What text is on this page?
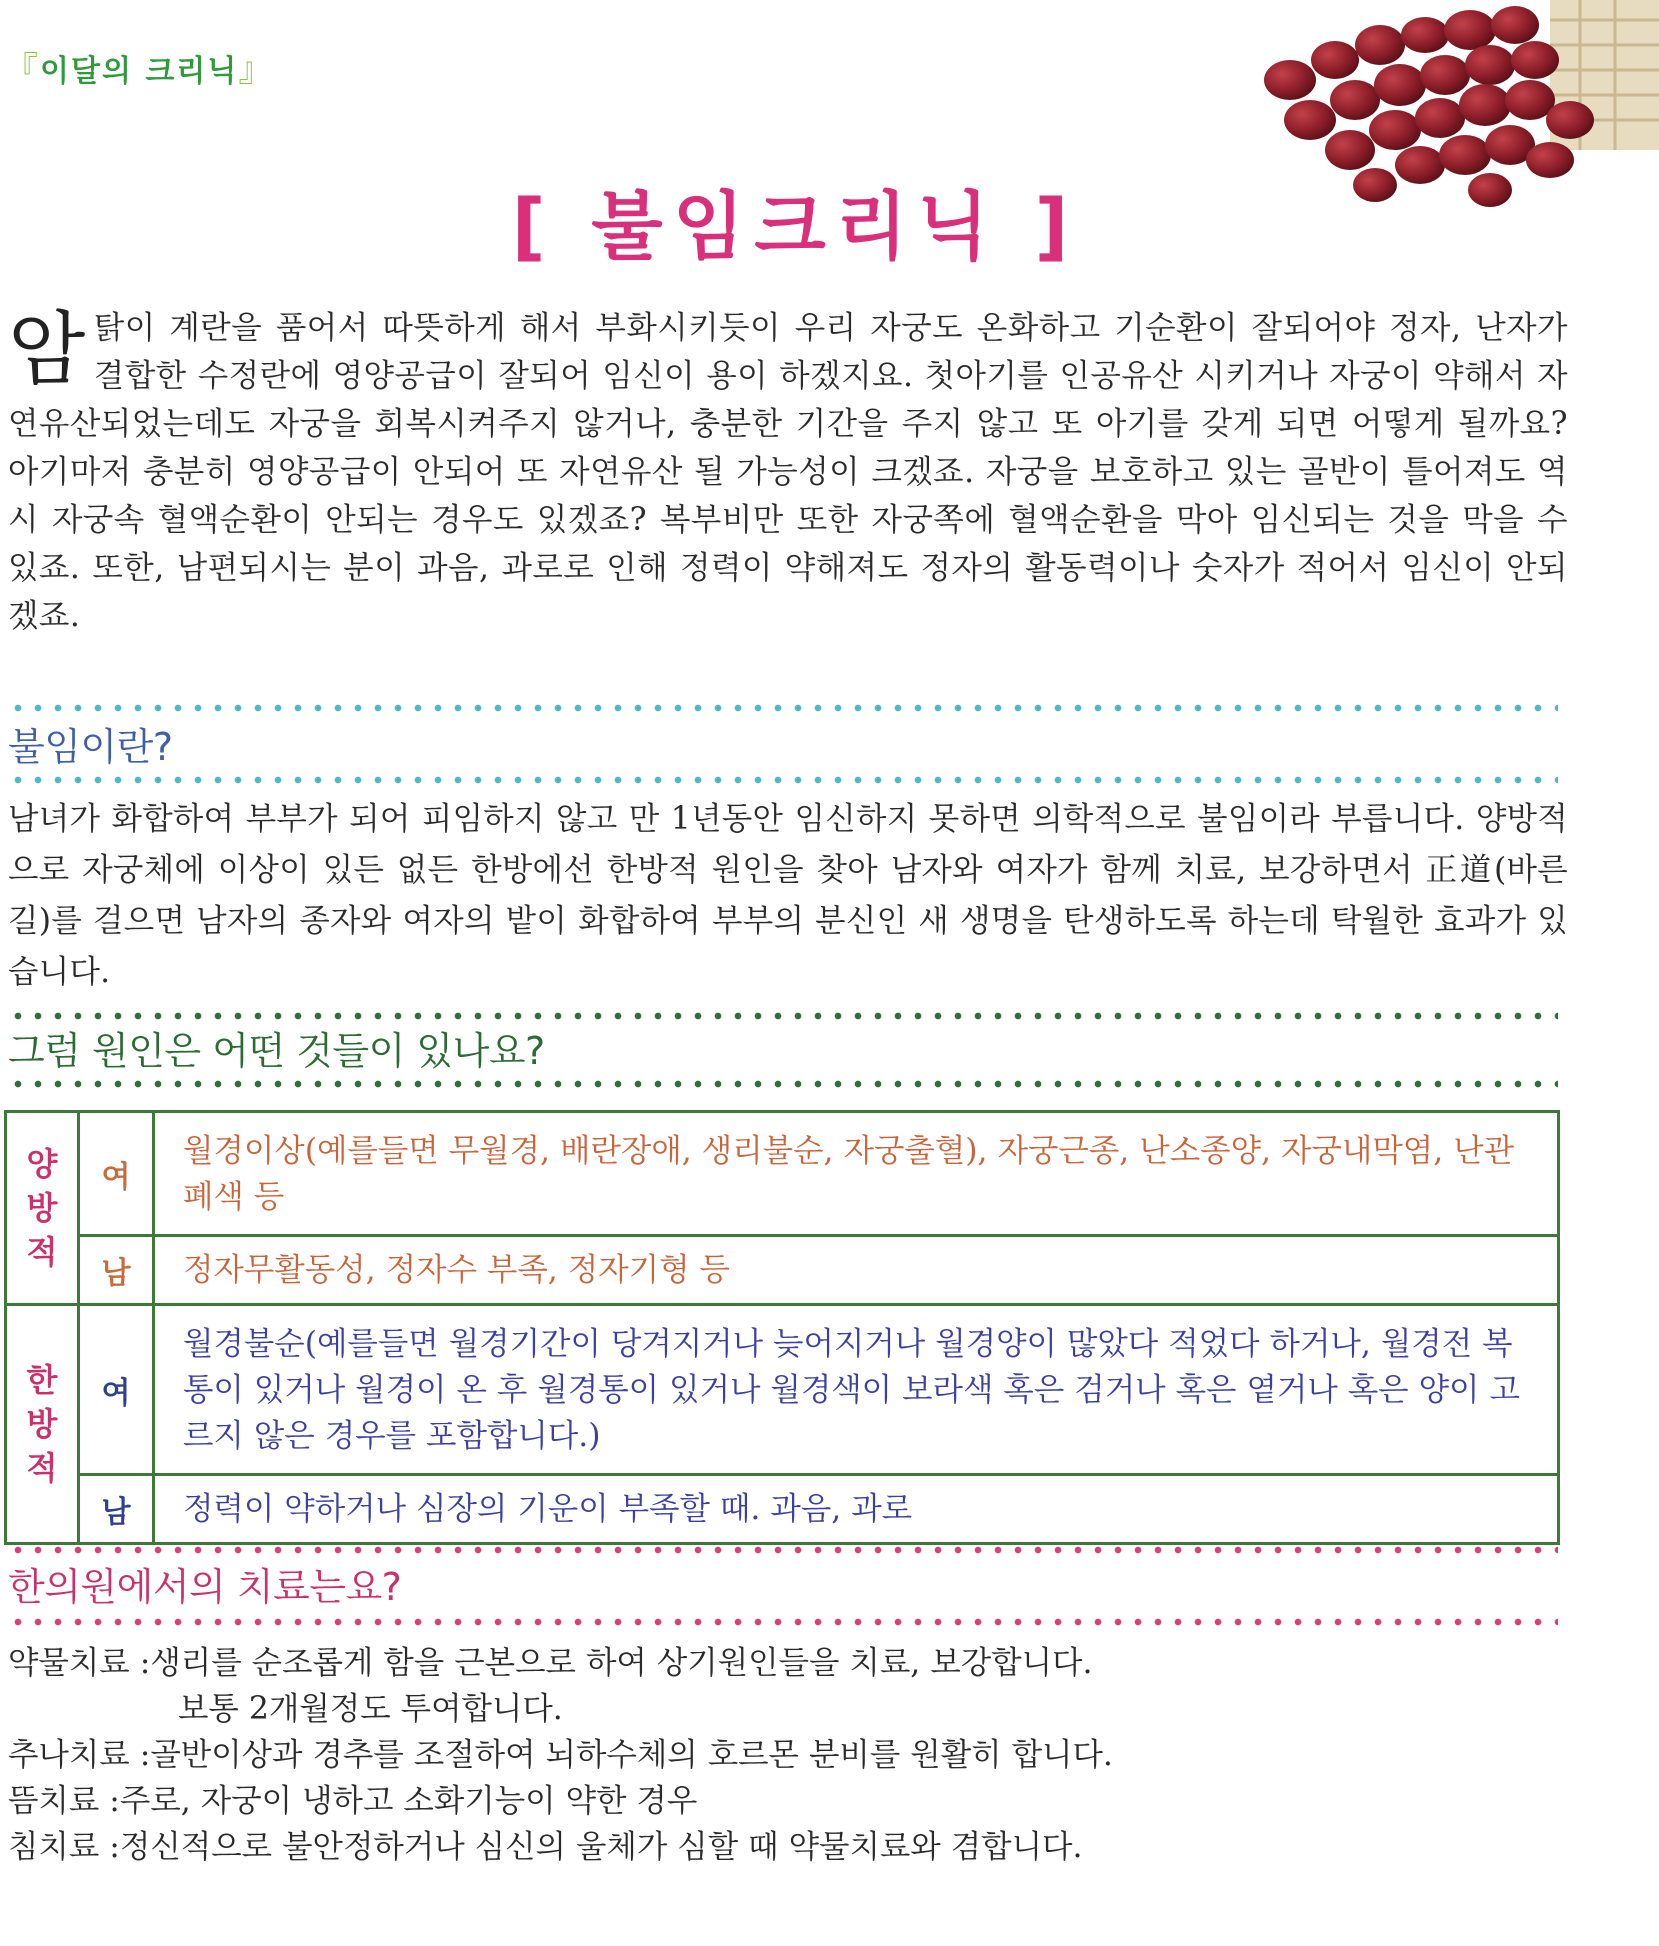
『이달의 크리닉』
[ 불임크리닉 ]
암탉이 계란을 품어서 따뜻하게 해서 부화시키듯이 우리 자궁도 온화하고 기순환이 잘되어야 정자, 난자가 결합한 수정란에 영양공급이 잘되어 임신이 용이 하겠지요. 첫아기를 인공유산 시키거나 자궁이 약해서 자연유산되었는데도 자궁을 회복시켜주지 않거나, 충분한 기간을 주지 않고 또 아기를 갖게 되면 어떻게 될까요? 아기마저 충분히 영양공급이 안되어 또 자연유산 될 가능성이 크겠죠. 자궁을 보호하고 있는 골반이 틀어져도 역시 자궁속 혈액순환이 안되는 경우도 있겠죠? 복부비만 또한 자궁쪽에 혈액순환을 막아 임신되는 것을 막을 수 있죠. 또한, 남편되시는 분이 과음, 과로로 인해 정력이 약해져도 정자의 활동력이나 숫자가 적어서 임신이 안되겠죠.
불임이란?
남녀가 화합하여 부부가 되어 피임하지 않고 만 1년동안 임신하지 못하면 의학적으로 불임이라 부릅니다. 양방적으로 자궁체에 이상이 있든 없든 한방에선 한방적 원인을 찾아 남자와 여자가 함께 치료, 보강하면서 正道(바른길)를 걸으면 남자의 종자와 여자의 밭이 화합하여 부부의 분신인 새 생명을 탄생하도록 하는데 탁월한 효과가 있습니다.
그럼 원인은 어떤 것들이 있나요?
양
방
적	여	월경이상(예를들면 무월경, 배란장애, 생리불순, 자궁출혈), 자궁근종, 난소종양, 자궁내막염, 난관폐색 등
	남	정자무활동성, 정자수 부족, 정자기형 등
한
방
적	여	월경불순(예를들면 월경기간이 당겨지거나 늦어지거나 월경양이 많았다 적었다 하거나, 월경전 복통이 있거나 월경이 온 후 월경통이 있거나 월경색이 보라색 혹은 검거나 혹은 옅거나 혹은 양이 고르지 않은 경우를 포함합니다.)
	남	정력이 약하거나 심장의 기운이 부족할 때. 과음, 과로
한의원에서의 치료는요?
약물치료 : 생리를 순조롭게 함을 근본으로 하여 상기원인들을 치료, 보강합니다.
보통 2개월정도 투여합니다.
추나치료 : 골반이상과 경추를 조절하여 뇌하수체의 호르몬 분비를 원활히 합니다.
뜸치료 : 주로, 자궁이 냉하고 소화기능이 약한 경우
침치료 : 정신적으로 불안정하거나 심신의 울체가 심할 때 약물치료와 겸합니다.
